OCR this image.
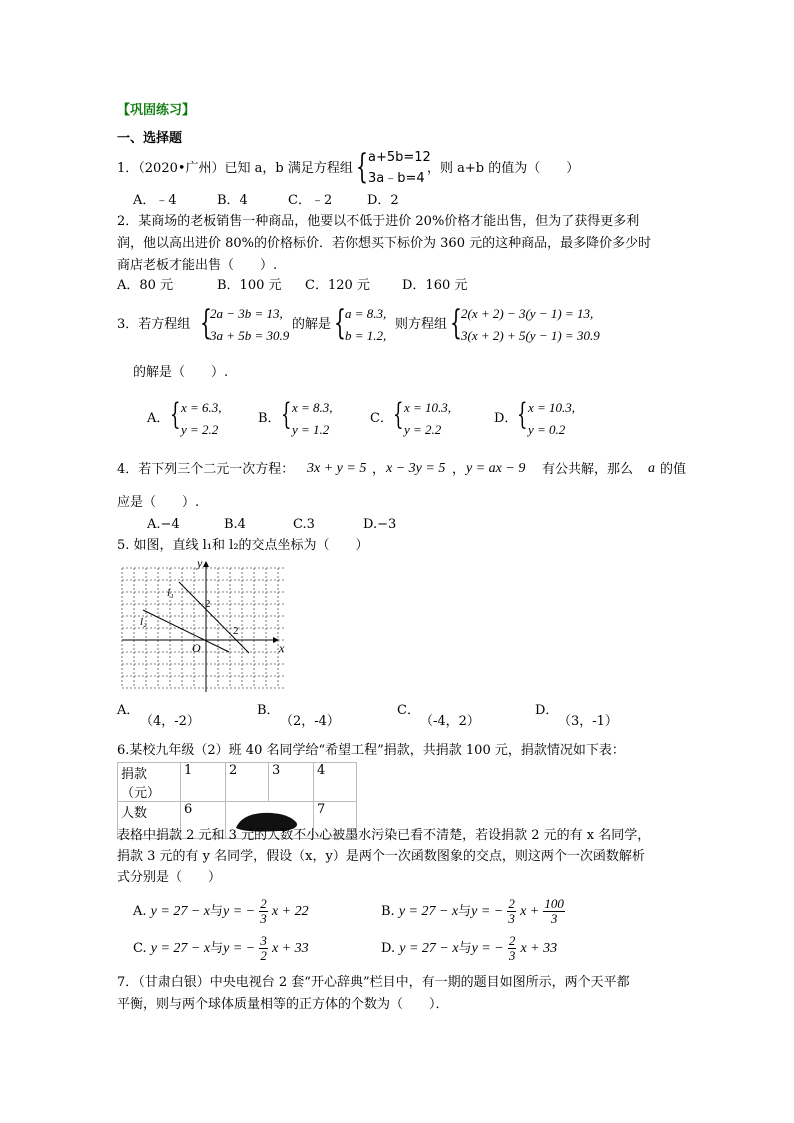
【巩固练习】
一、选择题
1．（2020•广州）已知 a，b 满足方程组 { a+5b=12
3a﹣b=4
，则 a+b 的值为（　　）
A．﹣4	B．4	C．﹣2	D．2
2．某商场的老板销售一种商品，他要以不低于进价 20%价格才能出售，但为了获得更多利
润，他以高出进价 80%的价格标价．若你想买下标价为 360 元的这种商品，最多降价多少时
商店老板才能出售（　　）.
A．80 元	B．100 元 C．120 元 D．160 元
3．若方程组 {
2a − 3b = 13,
3a + 5b = 30.9
的解是 { a = 8.3,
b = 1.2,
则方程组 { 2(x + 2) − 3(y − 1) = 13,
3(x + 2) + 5(y − 1) = 30.9
的解是（　　）.
A． { x = 6.3,
y = 2.2
B． { x = 8.3,
y = 1.2
C． { x = 10.3,
y = 2.2
D． { x = 10.3,
y = 0.2
4．若下列三个二元一次方程： 3x + y = 5 ， x − 3y = 5 ， y = ax − 9 有公共解，那么 a 的值
应是（　　）.
A.−4	B.4	C.3	D.−3
5. 如图，直线 l₁和 l₂的交点坐标为（　　）
y
x
O
l₁
l₂
2
2
A．
（4，-2）
B．
（2，-4）
C．
（-4，2）
D．
（3，-1）
6.某校九年级（2）班 40 名同学给“希望工程”捐款，共捐款 100 元，捐款情况如下表：
捐款（元）	1	2	3	4
人数	6			7
表格中捐款 2 元和 3 元的人数不小心被墨水污染已看不清楚，若设捐款 2 元的有 x 名同学，
捐款 3 元的有 y 名同学，假设（x，y）是两个一次函数图象的交点，则这两个一次函数解析
式分别是（　　）
A. y = 27 − x与y = − $\frac{2}{3}$ x + 22	B. y = 27 − x与y = − $\frac{2}{3}$ $x + \frac{100}{3}$
C. y = 27 − x与y = − $\frac{3}{2}$ x + 33	D. y = 27 − x与y = − $\frac{2}{3}$ x + 33
7．（甘肃白银）中央电视台 2 套“开心辞典”栏目中，有一期的题目如图所示，两个天平都
平衡，则与两个球体质量相等的正方体的个数为（　　）．
